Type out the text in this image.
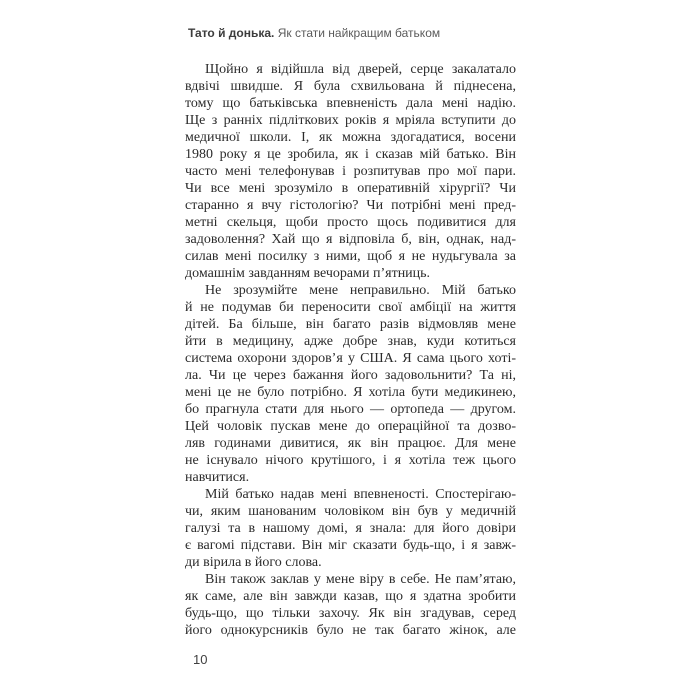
Тато й донька. Як стати найкращим батьком
Щойно я відійшла від дверей, серце закалатало
вдвічі швидше. Я була схвильована й піднесена,
тому що батьківська впевненість дала мені надію.
Ще з ранніх підліткових років я мріяла вступити до
медичної школи. І, як можна здогадатися, восени
1980 року я це зробила, як і сказав мій батько. Він
часто мені телефонував і розпитував про мої пари.
Чи все мені зрозуміло в оперативній хірургії? Чи
старанно я вчу гістологію? Чи потрібні мені пред-
метні скельця, щоби просто щось подивитися для
задоволення? Хай що я відповіла б, він, однак, над-
силав мені посилку з ними, щоб я не нудьгувала за
домашнім завданням вечорами п’ятниць.
Не зрозумійте мене неправильно. Мій батько
й не подумав би переносити свої амбіції на життя
дітей. Ба більше, він багато разів відмовляв мене
йти в медицину, адже добре знав, куди котиться
система охорони здоров’я у США. Я сама цього хоті-
ла. Чи це через бажання його задовольнити? Та ні,
мені це не було потрібно. Я хотіла бути медикинею,
бо прагнула стати для нього — ортопеда — другом.
Цей чоловік пускав мене до операційної та дозво-
ляв годинами дивитися, як він працює. Для мене
не існувало нічого крутішого, і я хотіла теж цього
навчитися.
Мій батько надав мені впевненості. Спостерігаю-
чи, яким шанованим чоловіком він був у медичній
галузі та в нашому домі, я знала: для його довіри
є вагомі підстави. Він міг сказати будь-що, і я завж-
ди вірила в його слова.
Він також заклав у мене віру в себе. Не пам’ятаю,
як саме, але він завжди казав, що я здатна зробити
будь-що, що тільки захочу. Як він згадував, серед
його однокурсників було не так багато жінок, але
10
